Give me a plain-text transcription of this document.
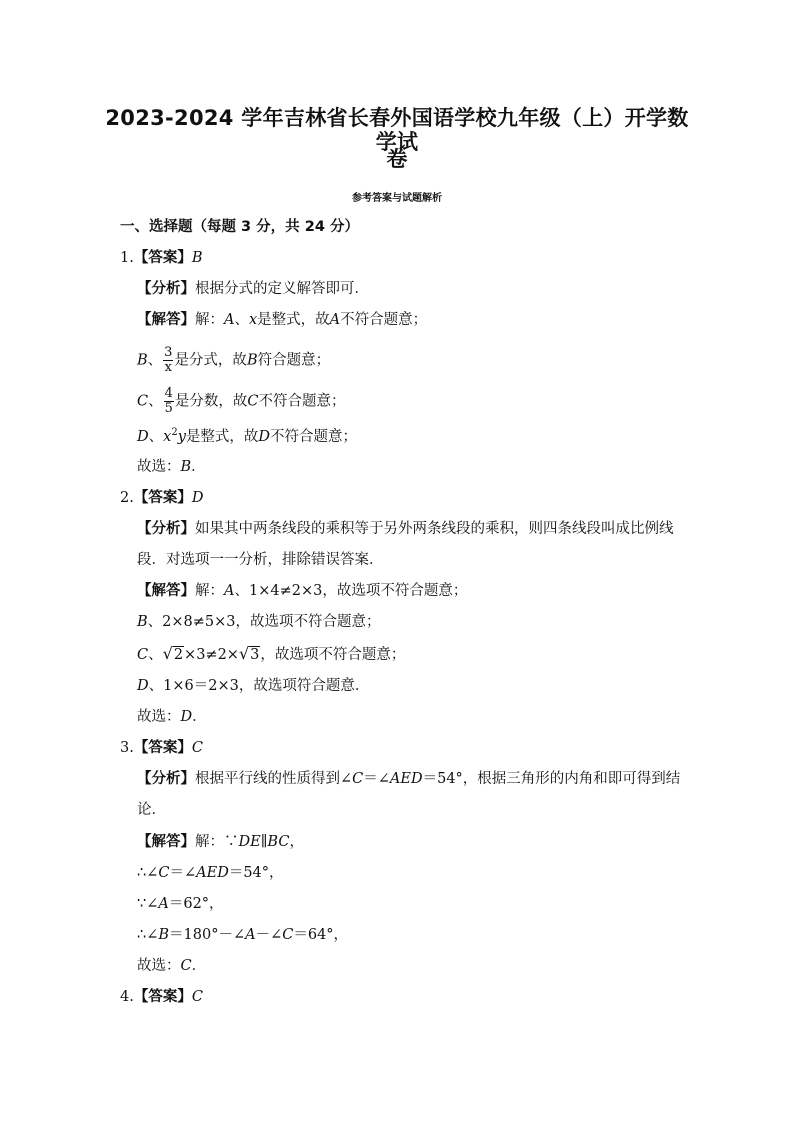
2023-2024 学年吉林省长春外国语学校九年级（上）开学数学试
卷
参考答案与试题解析
一、选择题（每题 3 分，共 24 分）
1.【答案】B
【分析】根据分式的定义解答即可．
【解答】解：A、x是整式，故A不符合题意；
B、 $\frac{3}{x}$ 是分式，故B符合题意；
C、 $\frac{4}{5}$ 是分数，故C不符合题意；
D、$x^2y$是整式，故D不符合题意；
故选：B．
2.【答案】D
【分析】如果其中两条线段的乘积等于另外两条线段的乘积，则四条线段叫成比例线
段．对选项一一分析，排除错误答案．
【解答】解：A、1×4≠2×3，故选项不符合题意；
B、2×8≠5×3，故选项不符合题意；
C、√2×3≠2×√3，故选项不符合题意；
D、1×6＝2×3，故选项符合题意．
故选：D．
3.【答案】C
【分析】根据平行线的性质得到∠C＝∠AED＝54°，根据三角形的内角和即可得到结
论．
【解答】解：∵DE∥BC，
∴∠C＝∠AED＝54°，
∵∠A＝62°，
∴∠B＝180°－∠A－∠C＝64°，
故选：C．
4.【答案】C
